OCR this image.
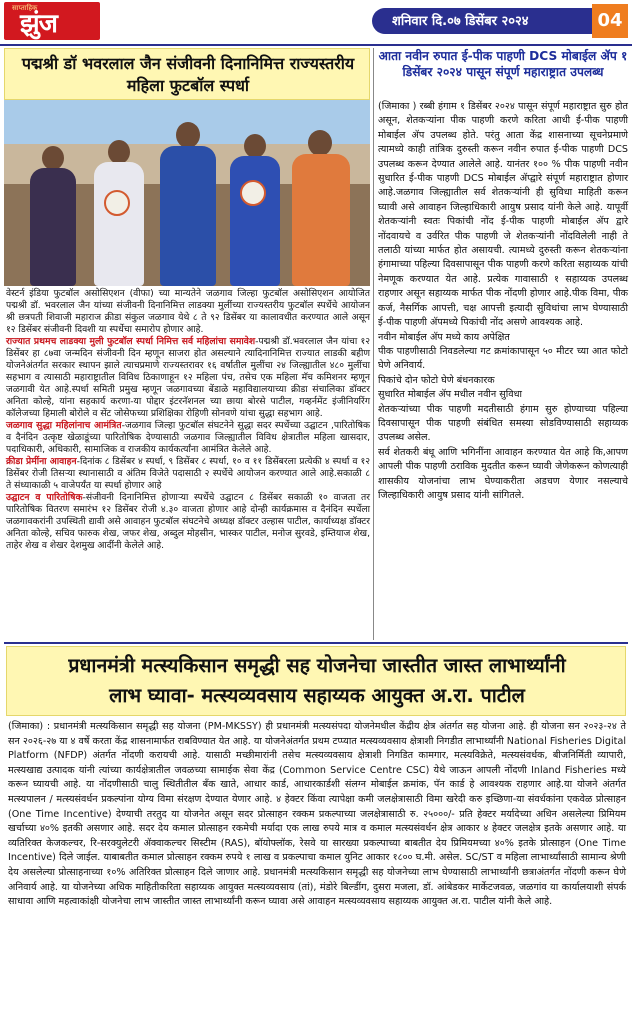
साप्ताहिक
झुंज	शनिवार दि.०७ डिसेंबर २०२४	04
पद्मश्री डॉ भवरलाल जैन संजीवनी दिनानिमित्त राज्यस्तरीय महिला फुटबॉल स्पर्धा

वेस्टर्न इंडिया फुटबॉल असोसिएशन (वीफा) च्या मान्यतेने जळगाव जिल्हा फुटबॉल असोसिएशन आयोजित पद्मश्री डॉ. भवरलाल जैन यांच्या संजीवनी दिनानिमित्त लाडक्या मुलींच्या राज्यस्तरीय फुटबॉल स्पर्धेचे आयोजन श्री छत्रपती शिवाजी महाराज क्रीडा संकुल जळगाव येथे ८ ते ९२ डिसेंबर या कालावधीत करण्यात आले असून १२ डिसेंबर संजीवनी दिवशी या स्पर्धेचा समारोप होणार आहे.

राज्यात प्रथमच लाडक्या मुली फुटबॉल स्पर्धा निमित्त सर्व महिलांचा समावेश-पद्मश्री डॉ.भवरलाल जैन यांचा १२ डिसेंबर हा ८७वा जन्मदिन संजीवनी दिन म्हणून साजरा होत असल्याने त्यादिनानिमित्त राज्यात लाडकी बहीण योजनेअंतर्गत सरकार स्थापन झाले त्याचप्रमाणे राज्यस्तरावर १६ वर्षातील मुलींचा २४ जिल्ह्यातील ४८० मुलींचा सहभाग व त्यासाठी महाराष्ट्रातील विविध ठिकाणाहून १२ महिला पंच, तसेच एक महिला मॅच कमिशनर म्हणून जळगावी येत आहे.स्पर्धा समिती प्रमुख म्हणून जळगावच्या बेंडाळे महाविद्यालयाच्या क्रीडा संचालिका डॉक्टर अनिता कोल्हे, यांना सहकार्य करणा-या पोद्दार इंटरनॅशनल च्या छाया बोरसे पाटील, गव्हर्नमेंट इंजीनियरिंग कॉलेजच्या हिमाली बोरोले व सेंट जोसेफच्या प्रशिक्षिका रोहिणी सोनवणे यांचा सुद्धा सहभाग आहे.

जळगाव सुद्धा महिलांनाच आमंत्रित-जळगाव जिल्हा फुटबॉल संघटनेने सुद्धा सदर स्पर्धेच्या उद्घाटन ,पारितोषिक व दैनंदिन उत्कृष्ट खेळाडूंच्या पारितोषिक देण्यासाठी जळगाव जिल्ह्यातील विविध क्षेत्रातील महिला खासदार, पदाधिकारी, अधिकारी, सामाजिक व राजकीय कार्यकर्त्यांना आमंत्रित केलेले आहे.

क्रीडा प्रेमींना आवाहन-दिनांक ८ डिसेंबर ४ स्पर्धा, ९ डिसेंबर ८ स्पर्धा, १० व ११ डिसेंबरला प्रत्येकी ४ स्पर्धा व १२ डिसेंबर रोजी तिसऱ्या स्थानासाठी व अंतिम विजेते पदासाठी २ स्पर्धेचे आयोजन करण्यात आले आहे.सकाळी ८ ते संध्याकाळी ५ वाजेपर्यंत या स्पर्धा होणार आहे

उद्घाटन व पारितोषिक-संजीवनी दिनानिमित्त होणाऱ्या स्पर्धेचे उद्घाटन ८ डिसेंबर सकाळी १० वाजता तर पारितोषिक वितरण समारंभ १२ डिसेंबर रोजी ४.३० वाजता होणार आहे दोन्ही कार्यक्रमास व दैनंदिन स्पर्धेला जळगावकरांनी उपस्थिती द्यावी असे आवाहन फुटबॉल संघटनेचे अध्यक्ष डॉक्टर उल्हास पाटील, कार्याध्यक्ष डॉक्टर अनिता कोल्हे, सचिव फारुक शेख, जफर शेख, अब्दुल मोहसीन, भास्कर पाटील, मनोज सुरवडे, इम्तियाज शेख, ताहेर शेख व शेखर देशमुख आदींनी केलेले आहे.

आता नवीन रुपात ई-पीक पाहणी DCS मोबाईल ॲप १ डिसेंबर २०२४ पासून संपूर्ण महाराष्ट्रात उपलब्ध

(जिमाका ) रब्बी हंगाम १ डिसेंबर २०२४ पासून संपूर्ण महाराष्ट्रात सुरु होत असून, शेतकऱ्यांना पीक पाहणी करणे करिता आधी ई-पीक पाहणी मोबाईल ॲप उपलब्ध होते. परंतु आता केंद्र शासनाच्या सूचनेप्रमाणे त्यामध्ये काही तांत्रिक दुरुस्ती करून नवीन रुपात ई-पीक पाहणी DCS उपलब्ध करून देण्यात आलेले आहे. यानंतर १०० % पीक पाहणी नवीन सुधारित ई-पीक पाहणी DCS मोबाईल ॲप्द्वारे संपूर्ण महाराष्ट्रात होणार आहे.जळगाव जिल्ह्यातील सर्व शेतकऱ्यांनी ही सुविधा माहिती करून घ्यावी असे आवाहन जिल्हाधिकारी आयुष प्रसाद यांनी केले आहे. यापूर्वी शेतकऱ्यांनी स्वतः पिकांची नोंद ई-पीक पाहणी मोबाईल ॲप द्वारे नोंदवायचे व उर्वरित पीक पाहणी जे शेतकऱ्यांनी नोंदविलेली नाही ते तलाठी यांच्या मार्फत होत असायची. त्यामध्ये दुरुस्ती करून शेतकऱ्यांना हंगामाच्या पहिल्या दिवसापासून पीक पाहणी करणे करिता सहाय्यक यांची नेमणूक करण्यात येत आहे. प्रत्येक गावासाठी १ सहाय्यक उपलब्ध राहणार असून सहाय्यक मार्फत पीक नोंदणी होणार आहे.पीक विमा, पीक कर्ज, नैसर्गिक आपत्ती, चक्ष आपत्ती इत्यादी सुविधांचा लाभ घेण्यासाठी ई-पीक पाहणी ॲपमध्ये पिकांची नोंद असणे आवश्यक आहे.

नवीन मोबाईल ॲप मध्ये काय अपेक्षित

पीक पाहणीसाठी निवडलेल्या गट क्रमांकापासून ५० मीटर च्या आत फोटो घेणे अनिवार्य.

पिकांचे दोन फोटो घेणे बंधनकारक

सुधारित मोबाईल ॲप मधील नवीन सुविधा

शेतकऱ्यांच्या पीक पाहणी मदतीसाठी हंगाम सुरु होण्याच्या पहिल्या दिवसापासून पीक पाहणी संबंधित समस्या सोडविण्यासाठी सहाय्यक उपलब्ध असेल.

सर्व शेतकरी बंधू आणि भगिनींना आवाहन करण्यात येत आहे कि,आपण आपली पीक पाहणी ठराविक मुदतीत करून घ्यावी जेणेकरून कोणत्याही शासकीय योजनांचा लाभ घेण्याकरीता अडचण येणार नसल्याचे जिल्हाधिकारी आयुष प्रसाद यांनी सांगितले.

प्रधानमंत्री मत्स्यकिसान समृद्धी सह योजनेचा जास्तीत जास्त लाभार्थ्यांनी
लाभ घ्यावा- मत्स्यव्यवसाय सहाय्यक आयुक्त अ.रा. पाटील
(जिमाका) : प्रधानमंत्री मत्स्यकिसान समृद्धी सह योजना (PM-MKSSY) ही प्रधानमंत्री मत्स्यसंपदा योजनेमधील केंद्रीय क्षेत्र अंतर्गत सह योजना आहे. ही योजना सन २०२३-२४ ते सन २०२६-२७ या ४ वर्षे करता केंद्र शासनामार्फत राबविण्यात येत आहे. या योजनेअंतर्गत प्रथम टप्प्यात मत्स्यव्यवसाय क्षेत्राशी निगडीत लाभार्थ्यांनी National Fisheries Digital Platform (NFDP) अंतर्गत नोंदणी करायची आहे. यासाठी मच्छीमारांनी तसेच मत्स्यव्यवसाय क्षेत्राशी निगडित कामगार, मत्स्यविक्रेते, मत्स्यसंवर्धक, बीजनिर्मिती व्यापारी, मत्स्यखाद्य उत्पादक यांनी त्यांच्या कार्यक्षेत्रातील जवळच्या सामाईक सेवा केंद्र (Common Service Centre CSC) येथे जाऊन आपली नोंदणी Inland Fisheries मध्ये करून घ्यायची आहे. या नोंदणीसाठी चालु स्थितीतील बँक खाते, आधार कार्ड, आधारकार्डशी संलग्न मोबाईल क्रमांक, पॅन कार्ड हे आवश्यक राहणार आहे.या योजने अंतर्गत मत्स्यपालन / मत्स्यसंवर्धन प्रकल्पांना योग्य विमा संरक्षण देण्यात येणार आहे. ४ हेक्टर किंवा त्यापेक्षा कमी जलक्षेत्रासाठी विमा खरेदी करु इच्छिणा-या संवर्धकांना एकवेळ प्रोत्साहन (One Time Incentive) देण्याची तरतुद या योजनेत असून सदर प्रोत्साहन रक्कम प्रकल्पाच्या जलक्षेत्रासाठी रु. २५०००/- प्रति हेक्टर मर्यादेच्या अधिन असलेल्या प्रिमियम खर्चाच्या ४०% इतकी असणार आहे. सदर देय कमाल प्रोत्साहन रकमेची मर्यादा एक लाख रुपये मात्र व कमाल मत्स्यसंवर्धन क्षेत्र आकार ४ हेक्टर जलक्षेत्र इतके असणार आहे. या व्यतिरिक्त केजकल्चर, रि-सरक्युलेटरी ॲक्वाकल्चर सिस्टीम (RAS), बॉयोफ्लॉक, रेसवे या सारख्या प्रकल्पाच्या बाबतीत देय प्रिमियमच्या ४०% इतके प्रोत्साहन (One Time Incentive) दिले जाईल. याबाबतीत कमाल प्रोत्साहन रक्कम रुपये १ लाख व प्रकल्पाचा कमाल युनिट आकार १८०० घ.मी. असेल. SC/ST व महिला लाभार्थ्यांसाठी सामान्य श्रेणी देय असलेल्या प्रोत्साहनाच्या १०% अतिरिक्त प्रोत्साहन दिले जाणार आहे. प्रधानमंत्री मत्स्यकिसान समृद्धी सह योजनेच्या लाभ घेण्यासाठी लाभार्थ्यांनी छत्राअंतर्गत नोंदणी करून घेणे अनिवार्य आहे. या योजनेच्या अधिक माहितीकरिता सहाय्यक आयुक्त मत्स्यव्यवसाय (तां), मंडोरे बिल्डींग, दुसरा मजला, डॉ. आंबेडकर मार्केटजवळ, जळगांव या कार्यालयाशी संपर्क साधावा आणि महत्वाकांक्षी योजनेचा लाभ जास्तीत जास्त लाभार्थ्यांनी करून घ्यावा असे आवाहन मत्स्यव्यवसाय सहाय्यक आयुक्त अ.रा. पाटील यांनी केले आहे.
